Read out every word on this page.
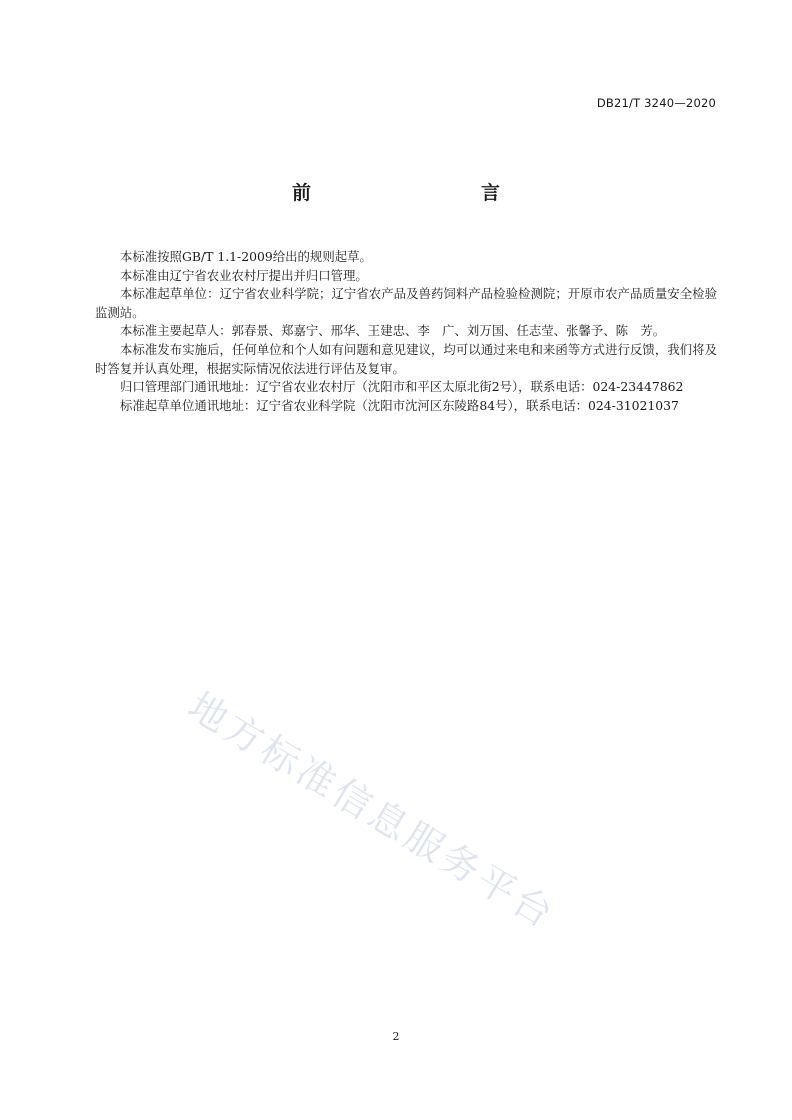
DB21/T 3240—2020
前　　言

本标准按照GB/T 1.1-2009给出的规则起草。

本标准由辽宁省农业农村厅提出并归口管理。

本标准起草单位：辽宁省农业科学院；辽宁省农产品及兽药饲料产品检验检测院；开原市农产品质量安全检验监测站。

本标准主要起草人：郭春景、郑嘉宁、邢华、王建忠、李　广、刘万国、任志莹、张馨予、陈　芳。

本标准发布实施后，任何单位和个人如有问题和意见建议，均可以通过来电和来函等方式进行反馈，我们将及时答复并认真处理，根据实际情况依法进行评估及复审。

归口管理部门通讯地址：辽宁省农业农村厅（沈阳市和平区太原北街2号），联系电话：024-23447862

标准起草单位通讯地址：辽宁省农业科学院（沈阳市沈河区东陵路84号），联系电话：024-31021037

地方标准信息服务平台
2
